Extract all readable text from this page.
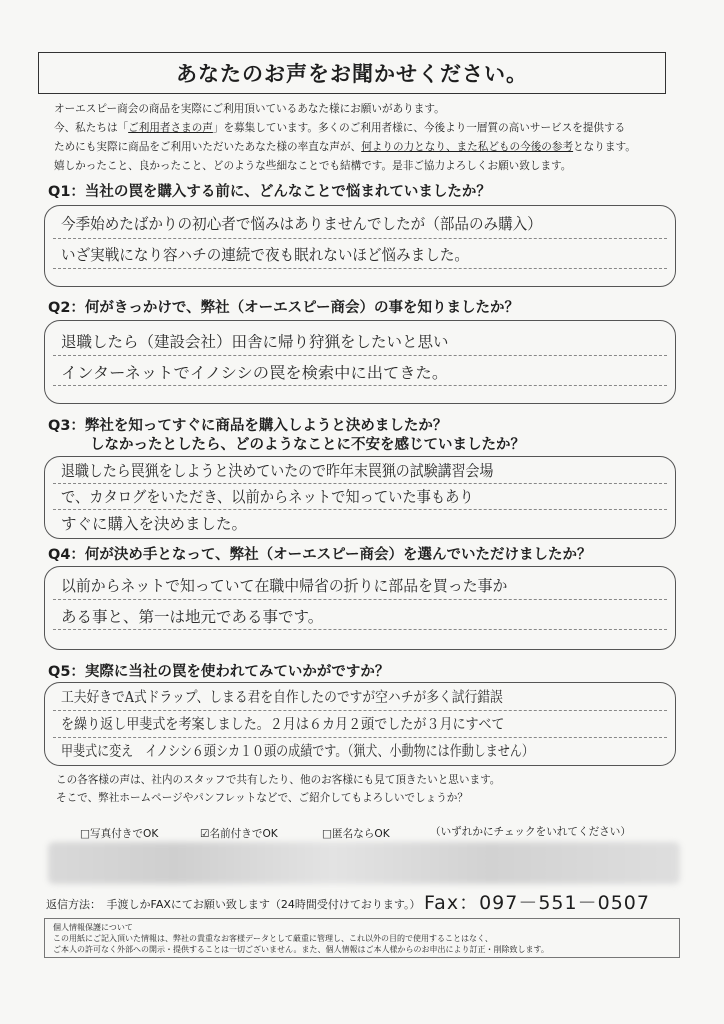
あなたのお声をお聞かせください。
オーエスピー商会の商品を実際にご利用頂いているあなた様にお願いがあります。
今、私たちは「ご利用者さまの声」を募集しています。多くのご利用者様に、今後より一層質の高いサービスを提供する
ためにも実際に商品をご利用いただいたあなた様の率直な声が、何よりの力となり、また私どもの今後の参考となります。
嬉しかったこと、良かったこと、どのような些細なことでも結構です。是非ご協力よろしくお願い致します。
Q1：当社の罠を購入する前に、どんなことで悩まれていましたか？
今季始めたばかりの初心者で悩みはありませんでしたが（部品のみ購入）
いざ実戦になり容ハチの連続で夜も眠れないほど悩みました。
Q2：何がきっかけで、弊社（オーエスピー商会）の事を知りましたか？
退職したら（建設会社）田舎に帰り狩猟をしたいと思い
インターネットでイノシシの罠を検索中に出てきた。
Q3：弊社を知ってすぐに商品を購入しようと決めましたか？
しなかったとしたら、どのようなことに不安を感じていましたか？
退職したら罠猟をしようと決めていたので昨年末罠猟の試験講習会場
で、カタログをいただき、以前からネットで知っていた事もあり
すぐに購入を決めました。
Q4：何が決め手となって、弊社（オーエスピー商会）を選んでいただけましたか？
以前からネットで知っていて在職中帰省の折りに部品を買った事か
ある事と、第一は地元である事です。
Q5：実際に当社の罠を使われてみていかがですか？
工夫好きでA式ドラップ、しまる君を自作したのですが空ハチが多く試行錯誤
を繰り返し甲斐式を考案しました。２月は６カ月２頭でしたが３月にすべて
甲斐式に変え　イノシシ６頭シカ１０頭の成績です。（猟犬、小動物には作動しません）
この各客様の声は、社内のスタッフで共有したり、他のお客様にも見て頂きたいと思います。
そこで、弊社ホームページやパンフレットなどで、ご紹介してもよろしいでしょうか？
□写真付きでOK	☑名前付きでOK	□匿名ならOK	（いずれかにチェックをいれてください）
返信方法：　手渡しかFAXにてお願い致します（24時間受付けております。） Fax：097－551－0507
個人情報保護について
この用紙にご記入頂いた情報は、弊社の貴重なお客様データとして厳重に管理し、これ以外の目的で使用することはなく、
ご本人の許可なく外部への開示・提供することは一切ございません。また、個人情報はご本人様からのお申出により訂正・削除致します。
